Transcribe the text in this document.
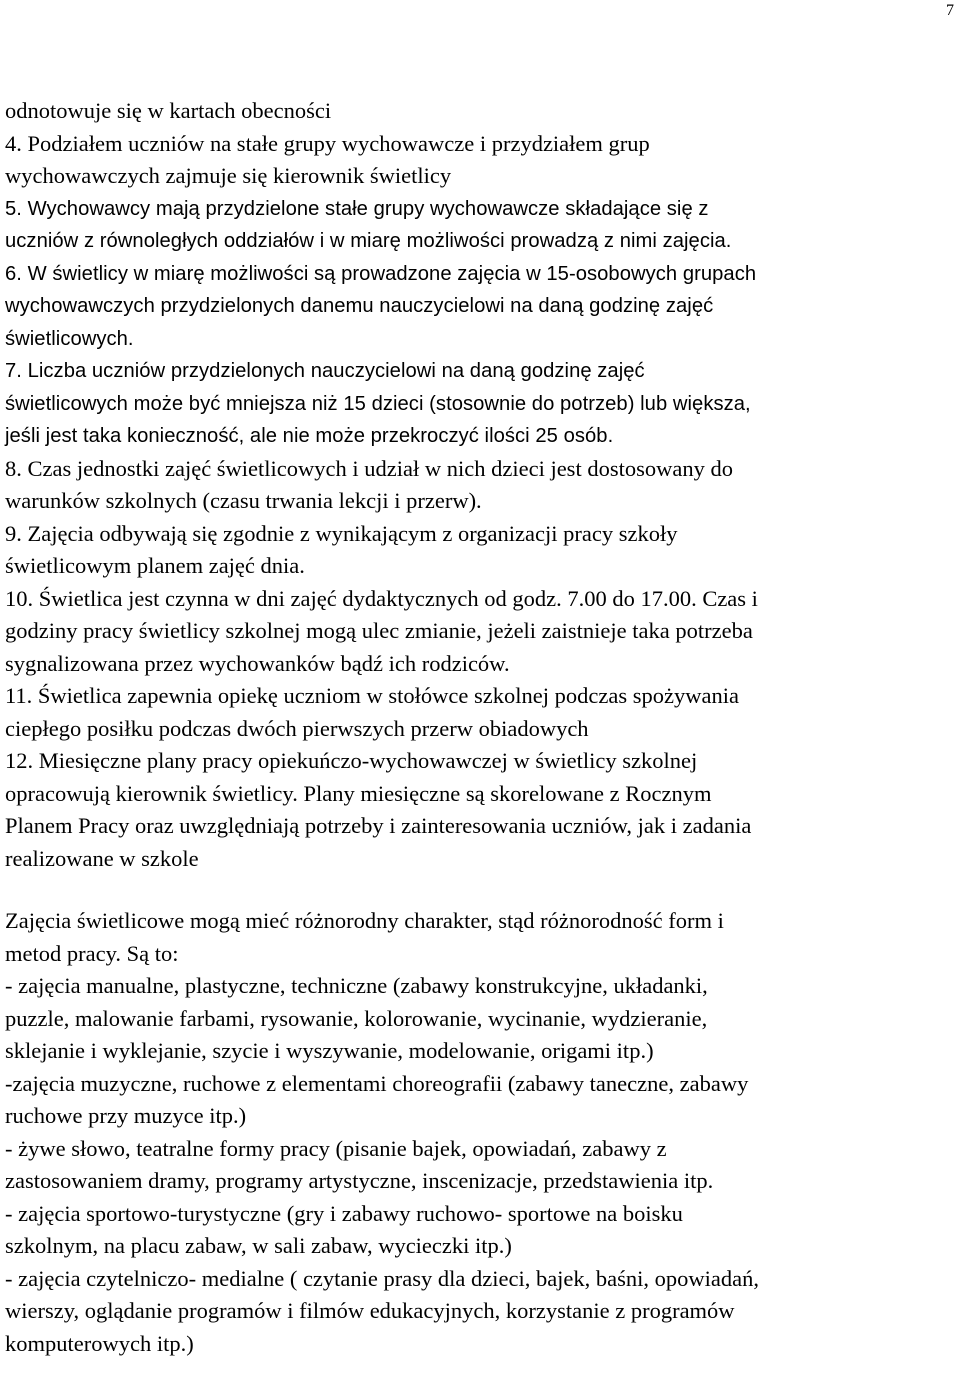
7
odnotowuje się w kartach obecności
4. Podziałem uczniów na stałe grupy wychowawcze i przydziałem grup
wychowawczych zajmuje się kierownik świetlicy
5. Wychowawcy mają przydzielone stałe grupy wychowawcze składające się z
uczniów z równoległych oddziałów i w miarę możliwości prowadzą z nimi zajęcia.
6. W świetlicy w miarę możliwości są prowadzone zajęcia w 15-osobowych grupach
wychowawczych przydzielonych danemu nauczycielowi na daną godzinę zajęć
świetlicowych.
7. Liczba uczniów przydzielonych nauczycielowi na daną godzinę zajęć
świetlicowych może być mniejsza niż 15 dzieci (stosownie do potrzeb) lub większa,
jeśli jest taka konieczność, ale nie może przekroczyć ilości 25 osób.
8. Czas jednostki zajęć świetlicowych i udział w nich dzieci jest dostosowany do
warunków szkolnych (czasu trwania lekcji i przerw).
9. Zajęcia odbywają się zgodnie z wynikającym z organizacji pracy szkoły
świetlicowym planem zajęć dnia.
10. Świetlica jest czynna w dni zajęć dydaktycznych od godz. 7.00 do 17.00. Czas i
godziny pracy świetlicy szkolnej mogą ulec zmianie, jeżeli zaistnieje taka potrzeba
sygnalizowana przez wychowanków bądź ich rodziców.
11. Świetlica zapewnia opiekę uczniom w stołówce szkolnej podczas spożywania
ciepłego posiłku podczas dwóch pierwszych przerw obiadowych
12. Miesięczne plany pracy opiekuńczo-wychowawczej w świetlicy szkolnej
opracowują kierownik świetlicy. Plany miesięczne są skorelowane z Rocznym
Planem Pracy oraz uwzględniają potrzeby i zainteresowania uczniów, jak i zadania
realizowane w szkole
Zajęcia świetlicowe mogą mieć różnorodny charakter, stąd różnorodność form i
metod pracy. Są to:
- zajęcia manualne, plastyczne, techniczne (zabawy konstrukcyjne, układanki,
puzzle, malowanie farbami, rysowanie, kolorowanie, wycinanie, wydzieranie,
sklejanie i wyklejanie, szycie i wyszywanie, modelowanie, origami itp.)
-zajęcia muzyczne, ruchowe z elementami choreografii (zabawy taneczne, zabawy
ruchowe przy muzyce itp.)
- żywe słowo, teatralne formy pracy (pisanie bajek, opowiadań, zabawy z
zastosowaniem dramy, programy artystyczne, inscenizacje, przedstawienia itp.
- zajęcia sportowo-turystyczne (gry i zabawy ruchowo- sportowe na boisku
szkolnym, na placu zabaw, w sali zabaw, wycieczki itp.)
- zajęcia czytelniczo- medialne ( czytanie prasy dla dzieci, bajek, baśni, opowiadań,
wierszy, oglądanie programów i filmów edukacyjnych, korzystanie z programów
komputerowych itp.)
